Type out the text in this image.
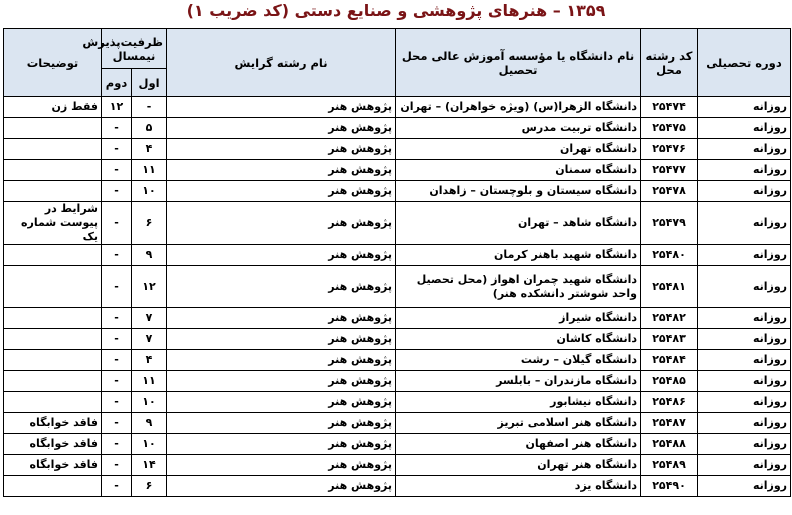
۱۳۵۹ – هنرهای پژوهشی و صنایع دستی (کد ضریب ۱)
دوره تحصیلی	کد رشته محل	نام دانشگاه یا مؤسسه آموزش عالی محل تحصیل	نام رشته گرایش	ظرفیت‌پذیرش نیمسال		توضیحات

				اول	دوم	
روزانه	۲۵۴۷۴	دانشگاه الزهرا(س) (ویژه خواهران) – تهران	پژوهش هنر	-	۱۲	فقط زن
روزانه	۲۵۴۷۵	دانشگاه تربیت مدرس	پژوهش هنر	۵	-	
روزانه	۲۵۴۷۶	دانشگاه تهران	پژوهش هنر	۴	-	
روزانه	۲۵۴۷۷	دانشگاه سمنان	پژوهش هنر	۱۱	-	
روزانه	۲۵۴۷۸	دانشگاه سیستان و بلوچستان – زاهدان	پژوهش هنر	۱۰	-	
روزانه	۲۵۴۷۹	دانشگاه شاهد – تهران	پژوهش هنر	۶	-	شرایط در پیوست شماره یک
روزانه	۲۵۴۸۰	دانشگاه شهید باهنر کرمان	پژوهش هنر	۹	-	
روزانه	۲۵۴۸۱	دانشگاه شهید چمران اهواز (محل تحصیل واحد شوشتر دانشکده هنر)	پژوهش هنر	۱۲	-	
روزانه	۲۵۴۸۲	دانشگاه شیراز	پژوهش هنر	۷	-	
روزانه	۲۵۴۸۳	دانشگاه کاشان	پژوهش هنر	۷	-	
روزانه	۲۵۴۸۴	دانشگاه گیلان – رشت	پژوهش هنر	۴	-	
روزانه	۲۵۴۸۵	دانشگاه مازندران – بابلسر	پژوهش هنر	۱۱	-	
روزانه	۲۵۴۸۶	دانشگاه نیشابور	پژوهش هنر	۱۰	-	
روزانه	۲۵۴۸۷	دانشگاه هنر اسلامی تبریز	پژوهش هنر	۹	-	فاقد خوابگاه
روزانه	۲۵۴۸۸	دانشگاه هنر اصفهان	پژوهش هنر	۱۰	-	فاقد خوابگاه
روزانه	۲۵۴۸۹	دانشگاه هنر تهران	پژوهش هنر	۱۴	-	فاقد خوابگاه
روزانه	۲۵۴۹۰	دانشگاه یزد	پژوهش هنر	۶	-	
